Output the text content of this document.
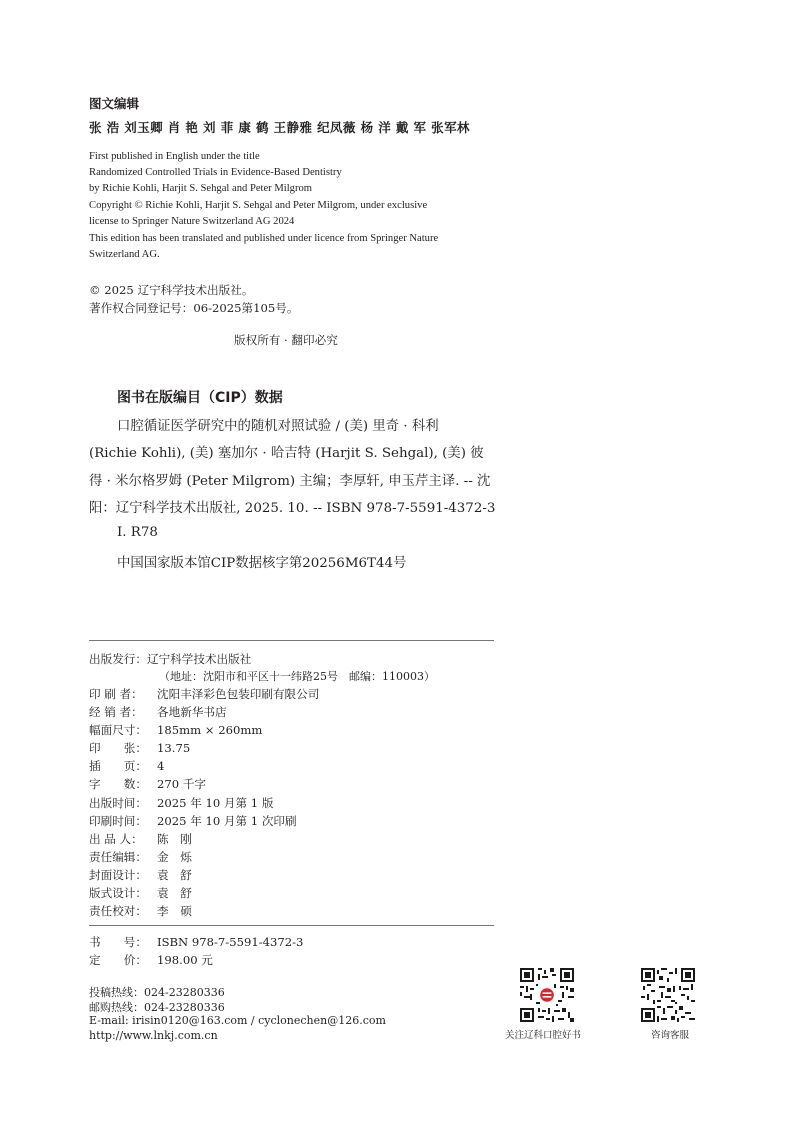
图文编辑
张 浩 刘玉卿 肖 艳 刘 菲 康 鹤 王静雅 纪凤薇 杨 洋 戴 军 张军林
First published in English under the title
Randomized Controlled Trials in Evidence-Based Dentistry
by Richie Kohli, Harjit S. Sehgal and Peter Milgrom
Copyright © Richie Kohli, Harjit S. Sehgal and Peter Milgrom, under exclusive
license to Springer Nature Switzerland AG 2024
This edition has been translated and published under licence from Springer Nature
Switzerland AG.
© 2025 辽宁科学技术出版社。
著作权合同登记号：06-2025第105号。
版权所有 · 翻印必究
图书在版编目（CIP）数据
口腔循证医学研究中的随机对照试验 / (美) 里奇 · 科利
(Richie Kohli), (美) 塞加尔 · 哈吉特 (Harjit S. Sehgal), (美) 彼
得 · 米尔格罗姆 (Peter Milgrom) 主编；李厚轩, 申玉芹主译. -- 沈
阳：辽宁科学技术出版社, 2025. 10. -- ISBN 978-7-5591-4372-3
Ⅰ. R78
中国国家版本馆CIP数据核字第20256M6T44号
出版发行：辽宁科学技术出版社
（地址：沈阳市和平区十一纬路25号　邮编：110003）
印 刷 者： 沈阳丰泽彩色包装印刷有限公司
经 销 者： 各地新华书店
幅面尺寸： 185mm × 260mm
印　　张： 13.75
插　　页： 4
字　　数： 270 千字
出版时间： 2025 年 10 月第 1 版
印刷时间： 2025 年 10 月第 1 次印刷
出 品 人： 陈　刚
责任编辑： 金　烁
封面设计： 袁　舒
版式设计： 袁　舒
责任校对： 李　硕
书　　号： ISBN 978-7-5591-4372-3
定　　价： 198.00 元
投稿热线：024-23280336
邮购热线：024-23280336
E-mail: irisin0120@163.com / cyclonechen@126.com
http://www.lnkj.com.cn	关注辽科口腔好书	咨询客服
